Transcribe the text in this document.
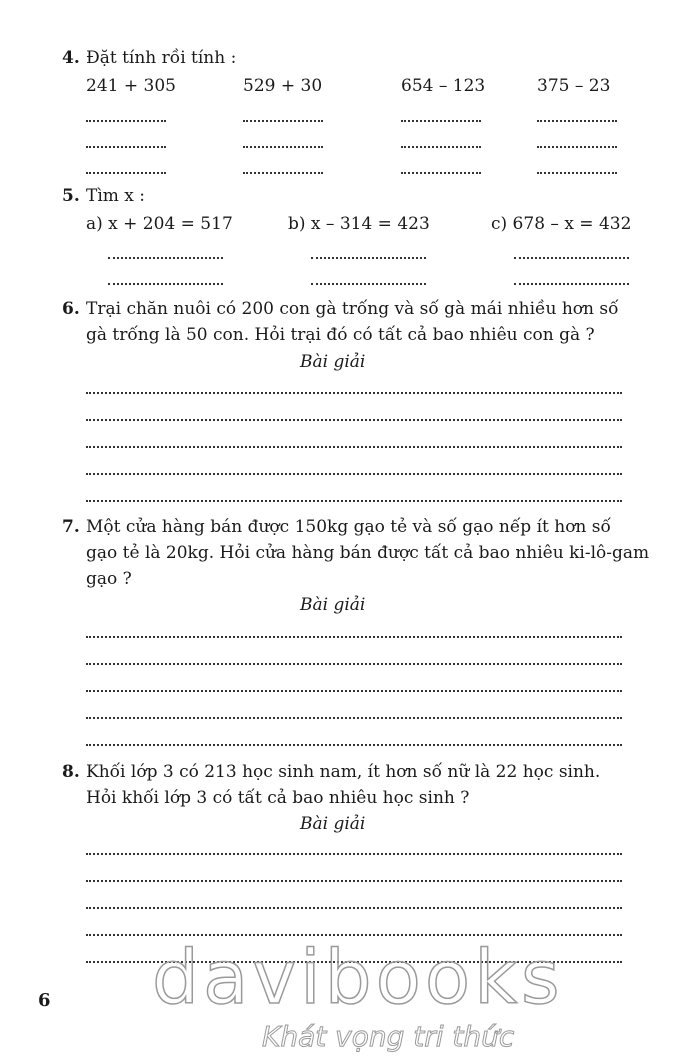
4. Đặt tính rồi tính :
241 + 305	529 + 30	654 – 123	375 – 23
5. Tìm x :
a) x + 204 = 517	b) x – 314 = 423	c) 678 – x = 432
6. Trại chăn nuôi có 200 con gà trống và số gà mái nhiều hơn số
gà trống là 50 con. Hỏi trại đó có tất cả bao nhiêu con gà ?
Bài giải
7. Một cửa hàng bán được 150kg gạo tẻ và số gạo nếp ít hơn số
gạo tẻ là 20kg. Hỏi cửa hàng bán được tất cả bao nhiêu ki-lô-gam
gạo ?
Bài giải
8. Khối lớp 3 có 213 học sinh nam, ít hơn số nữ là 22 học sinh.
Hỏi khối lớp 3 có tất cả bao nhiêu học sinh ?
Bài giải
6 davibooks
Khát vọng tri thức
